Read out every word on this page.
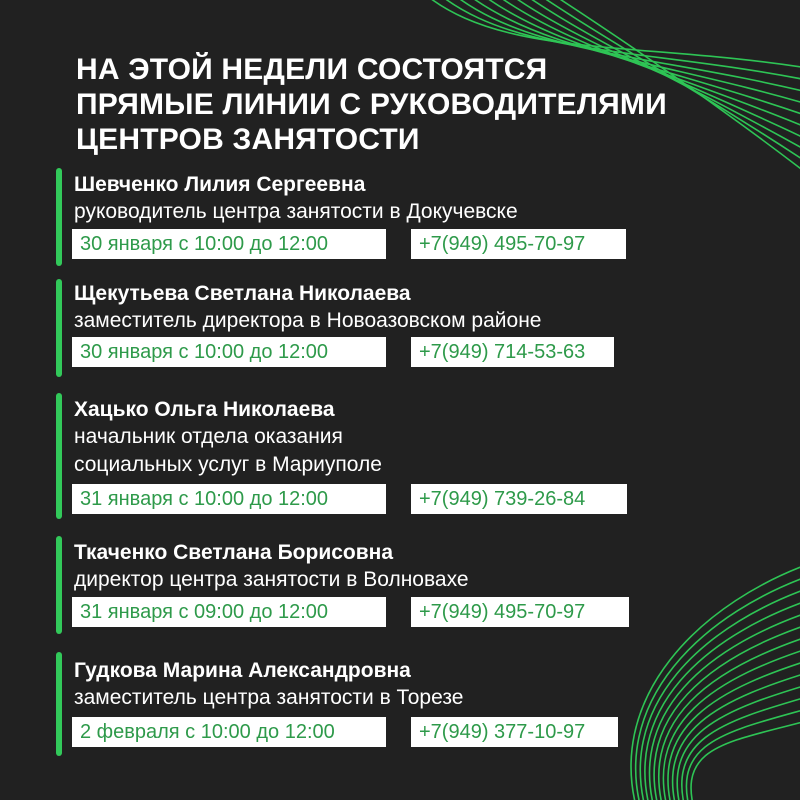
НА ЭТОЙ НЕДЕЛИ СОСТОЯТСЯ
ПРЯМЫЕ ЛИНИИ С РУКОВОДИТЕЛЯМИ
ЦЕНТРОВ ЗАНЯТОСТИ
Шевченко Лилия Сергеевна
руководитель центра занятости в Докучевске
30 января с 10:00 до 12:00	+7(949) 495-70-97
Щекутьева Светлана Николаева
заместитель директора в Новоазовском районе
30 января с 10:00 до 12:00	+7(949) 714-53-63
Хацько Ольга Николаева
начальник отдела оказания
социальных услуг в Мариуполе
31 января с 10:00 до 12:00	+7(949) 739-26-84
Ткаченко Светлана Борисовна
директор центра занятости в Волновахе
31 января с 09:00 до 12:00	+7(949) 495-70-97
Гудкова Марина Александровна
заместитель центра занятости в Торезе
2 февраля с 10:00 до 12:00	+7(949) 377-10-97
